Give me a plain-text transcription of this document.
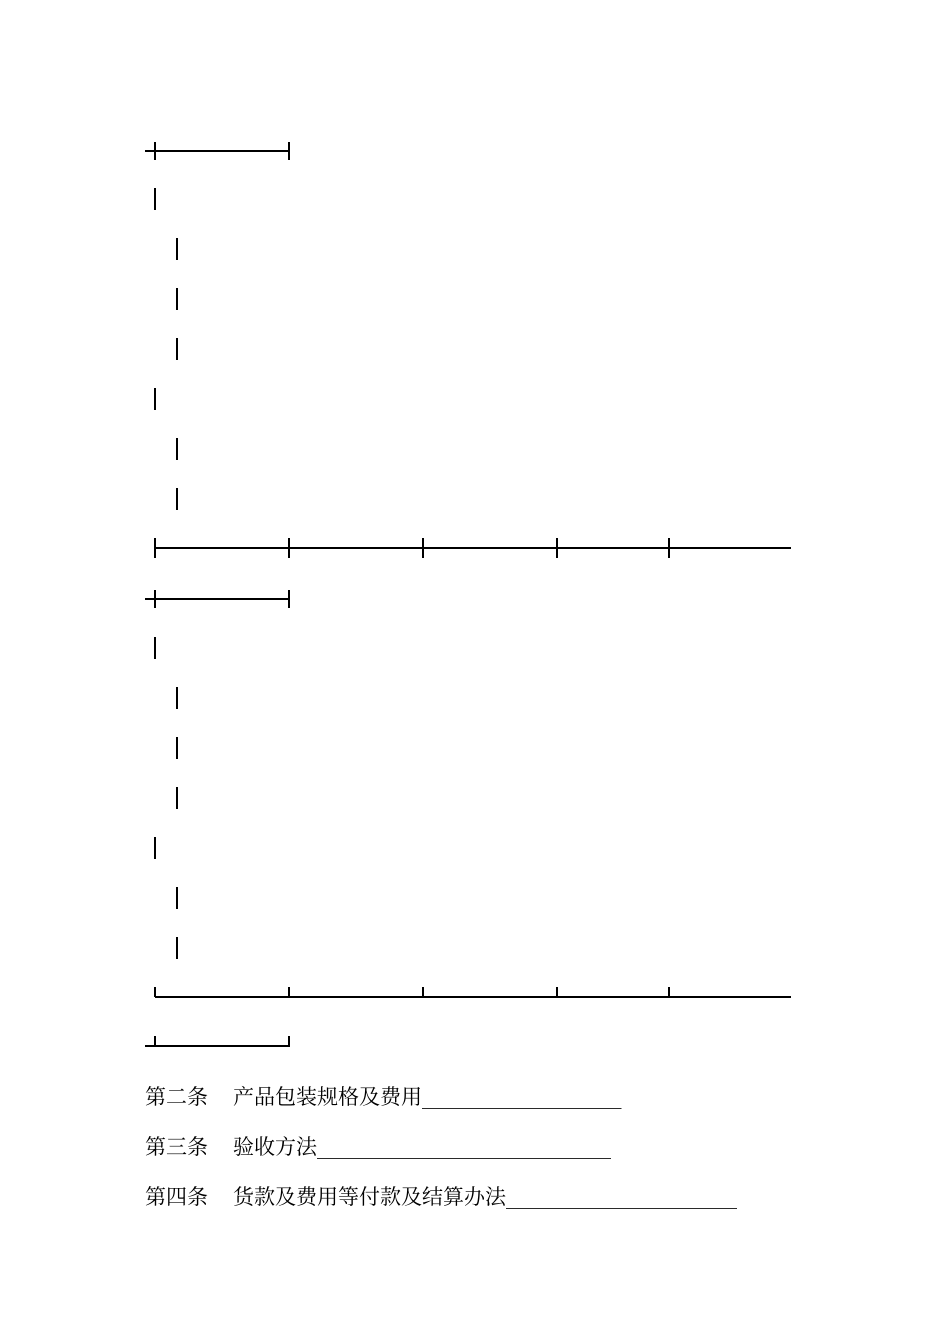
第二条 产品包装规格及费用___________________
第三条 验收方法____________________________
第四条 货款及费用等付款及结算办法______________________
